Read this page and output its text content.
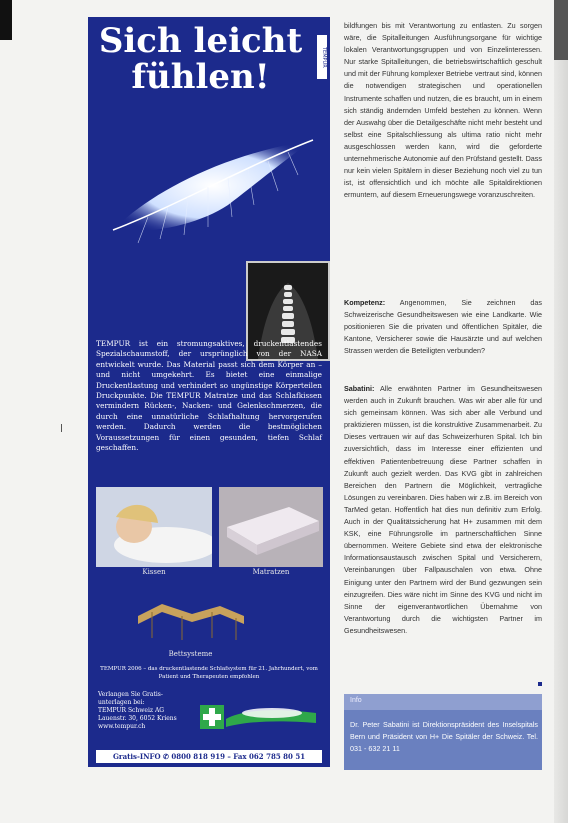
Sich leicht fühlen!	TEMPUR
TEMPUR ist ein stromungsaktives, druckentlastendes Spezialschaumstoff, der ursprünglich von der NASA entwickelt wurde. Das Material passt sich dem Körper an – und nicht umgekehrt. Es bietet eine einmalige Druckentlastung und verhindert so ungünstige Körperteilen Druckpunkte. Die TEMPUR Matratze und das Schlafkissen vermindern Rücken-, Nacken- und Gelenkschmerzen, die durch eine unnatürliche Schlafhaltung hervorgerufen werden. Dadurch werden die bestmöglichen Voraussetzungen für einen gesunden, tiefen Schlaf geschaffen.
Kissen	Matratzen
Bettsysteme
TEMPUR 2006 – das druckentlastende Schlafsystem für 21. Jahrhundert, vom Patient und Therapeuten empfohlen
Verlangen Sie Gratis-
unterlagen bei:
TEMPUR Schweiz AG
Lauenstr. 30, 6052 Kriens
www.tempur.ch
Gratis-INFO ✆ 0800 818 919 – Fax 062 785 80 51

bildfungen bis mit Verantwortung zu entlasten. Zu sorgen wäre, die Spitalleitungen Ausführungsorgane für wichtige lokalen Verantwortungsgruppen und von Einzelinteressen. Nur starke Spitalleitungen, die betriebswirtschaftlich geschult und mit der Führung komplexer Betriebe vertraut sind, können die notwendigen strategischen und operationellen Instrumente schaffen und nutzen, die es braucht, um in einem sich ständig ändernden Umfeld bestehen zu können. Wenn der Auswahg über die Detailgeschäfte nicht mehr besteht und selbst eine Spitalschliessung als ultima ratio nicht mehr ausgeschlossen werden kann, wird die geforderte unternehmerische Autonomie auf den Prüfstand gestellt. Dass nur kein vielen Spitälern in dieser Beziehung noch viel zu tun ist, ist offensichtlich und ich möchte alle Spitaldirektionen ermuntern, auf diesem Erneuerungswege voranzuschreiten.

Kompetenz: Angenommen, Sie zeichnen das Schweizerische Gesundheitswesen wie eine Landkarte. Wie positionieren Sie die privaten und öffentlichen Spitäler, die Kantone, Versicherer sowie die Hausärzte und auf welchen Strassen werden die Beteiligten verbunden?

Sabatini: Alle erwähnten Partner im Gesundheitswesen werden auch in Zukunft brauchen. Was wir aber alle für und sich gemeinsam können. Was sich aber alle Verbund und praktizieren müssen, ist die konstruktive Zusammenarbeit. Zu Dieses vertrauen wir auf das Schweizerhuren Spital. Ich bin zuversichtlich, dass im Interesse einer effizienten und effektiven Patientenbetreuung diese Partner schaffen in Zukunft auch gezielt werden. Das KVG gibt in zahlreichen Bereichen den Partnern die Möglichkeit, vertragliche Lösungen zu vereinbaren. Dies haben wir z.B. im Bereich von TarMed getan. Hoffentlich hat dies nun definitiv zum Erfolg. Auch in der Qualitätssicherung hat H+ zusammen mit dem KSK, eine Führungsrolle im partnerschaftlichen Sinne übernommen. Weitere Gebiete sind etwa der elektronische Informationsaustausch zwischen Spital und Versicherern, Vereinbarungen über Fallpauschalen von etwa. Ohne Einigung unter den Partnern wird der Bund gezwungen sein einzugreifen. Dies wäre nicht im Sinne des KVG und nicht im Sinne der eigenverantwortlichen Übernahme von Verantwortung durch die wichtigsten Partner im Gesundheitswesen.

Info
Dr. Peter Sabatini ist Direktionspräsident des Inselspitals Bern und Präsident von H+ Die Spitäler der Schweiz. Tel. 031 - 632 21 11
